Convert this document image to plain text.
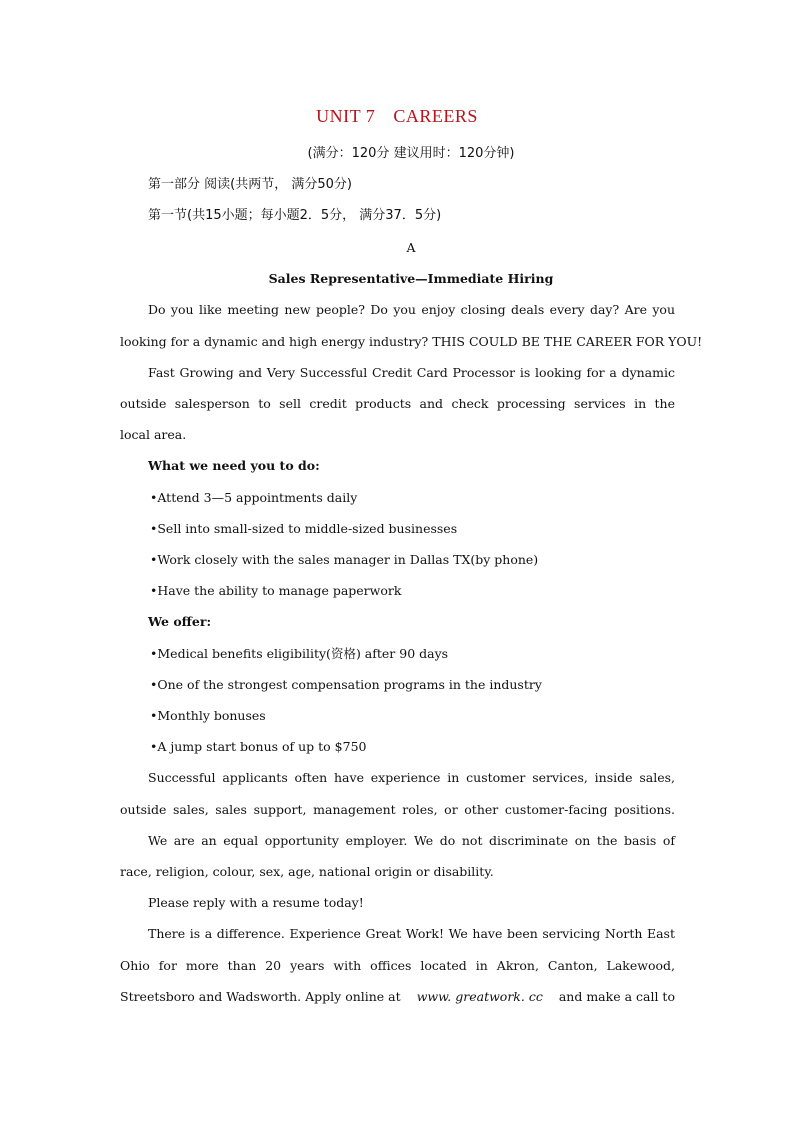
UNIT 7 CAREERS
(满分：120分 建议用时：120分钟)
第一部分 阅读(共两节， 满分50分)
第一节(共15小题；每小题2．5分， 满分37．5分)
A
Sales Representative—Immediate Hiring
Do you like meeting new people? Do you enjoy closing deals every day? Are you
looking for a dynamic and high energy industry? THIS COULD BE THE CAREER FOR YOU!
Fast Growing and Very Successful Credit Card Processor is looking for a dynamic
outside salesperson to sell credit products and check processing services in the
local area.
What we need you to do:
•Attend 3—5 appointments daily
•Sell into small-sized to middle-sized businesses
•Work closely with the sales manager in Dallas TX(by phone)
•Have the ability to manage paperwork
We offer:
•Medical benefits eligibility(资格) after 90 days
•One of the strongest compensation programs in the industry
•Monthly bonuses
•A jump start bonus of up to $750
Successful applicants often have experience in customer services, inside sales,
outside sales, sales support, management roles, or other customer-facing positions.
We are an equal opportunity employer. We do not discriminate on the basis of
race, religion, colour, sex, age, national origin or disability.
Please reply with a resume today!
There is a difference. Experience Great Work! We have been servicing North East
Ohio for more than 20 years with offices located in Akron, Canton, Lakewood,
Streetsboro and Wadsworth. Apply online at www. greatwork. cc and make a call to
